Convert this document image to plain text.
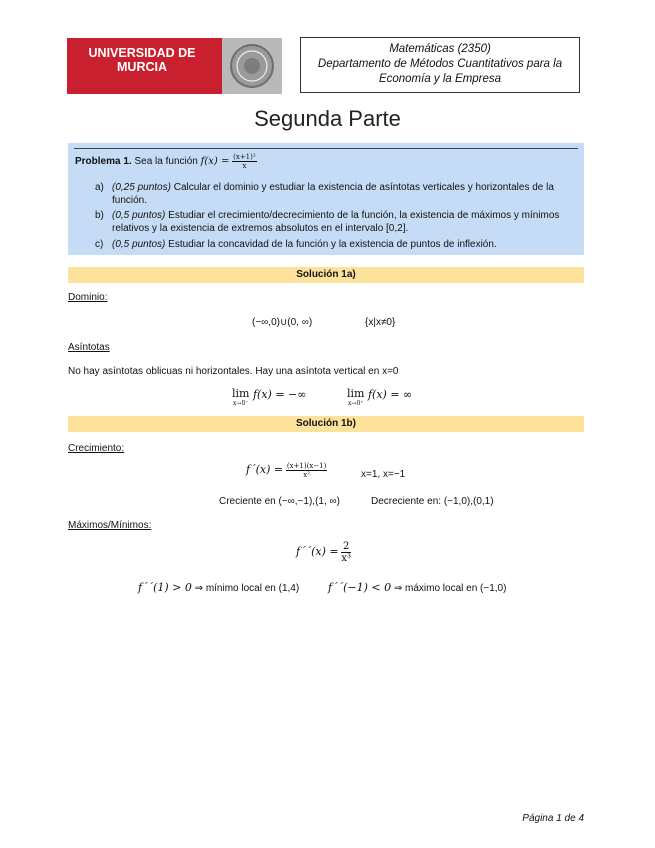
UNIVERSIDAD DE
MURCIA
Matemáticas (2350)
Departamento de Métodos Cuantitativos para la
Economía y la Empresa
Segunda Parte
Problema 1. Sea la función $f(x) = \frac{\text{(x+1)²}}{x}$
a) (0,25 puntos) Calcular el dominio y estudiar la existencia de asíntotas verticales y horizontales de la
función.
b) (0,5 puntos) Estudiar el crecimiento/decrecimiento de la función, la existencia de máximos y mínimos
relativos y la existencia de extremos absolutos en el intervalo [0,2].
c) (0,5 puntos) Estudiar la concavidad de la función y la existencia de puntos de inflexión.
Solución 1a)
Dominio:
(−∞,0)∪(0, ∞)	{x|x≠0}
Asíntotas
No hay asíntotas oblicuas ni horizontales. Hay una asíntota vertical en x=0
lim
x→0⁻
f(x) = −∞	lim
x→0⁺
f(x) = ∞
Solución 1b)
Crecimiento:
f´(x) = $\frac{(x+1)(x-1)}{\text{x²}}$	x=1, x=−1
Creciente en (−∞,−1),(1, ∞)	Decreciente en: (−1,0),(0,1)
Máximos/Mínimos:
f´´(x) = $\frac{2}{\text{x³}}$
f´´(1) > 0 ⇒ mínimo local en (1,4)	f´´(−1) < 0 ⇒ máximo local en (−1,0)
Página 1 de 4
